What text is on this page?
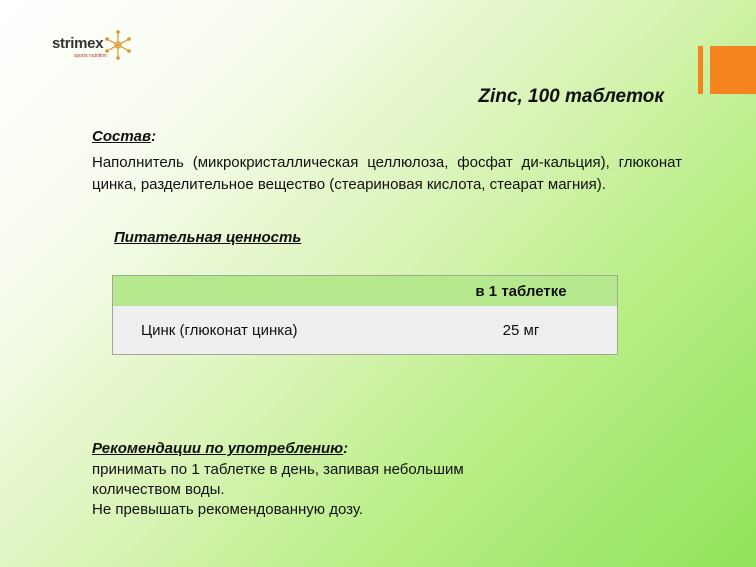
strimex
sports nutrition
Zinc, 100 таблеток
Состав:
Наполнитель (микрокристаллическая целлюлоза, фосфат ди-кальция), глюконат цинка, разделительное вещество (стеариновая кислота, стеарат магния).
Питательная ценность
	в 1 таблетке
Цинк (глюконат цинка)	25 мг
Рекомендации по употреблению:
принимать по 1 таблетке в день, запивая небольшим
количеством воды.
Не превышать рекомендованную дозу.
